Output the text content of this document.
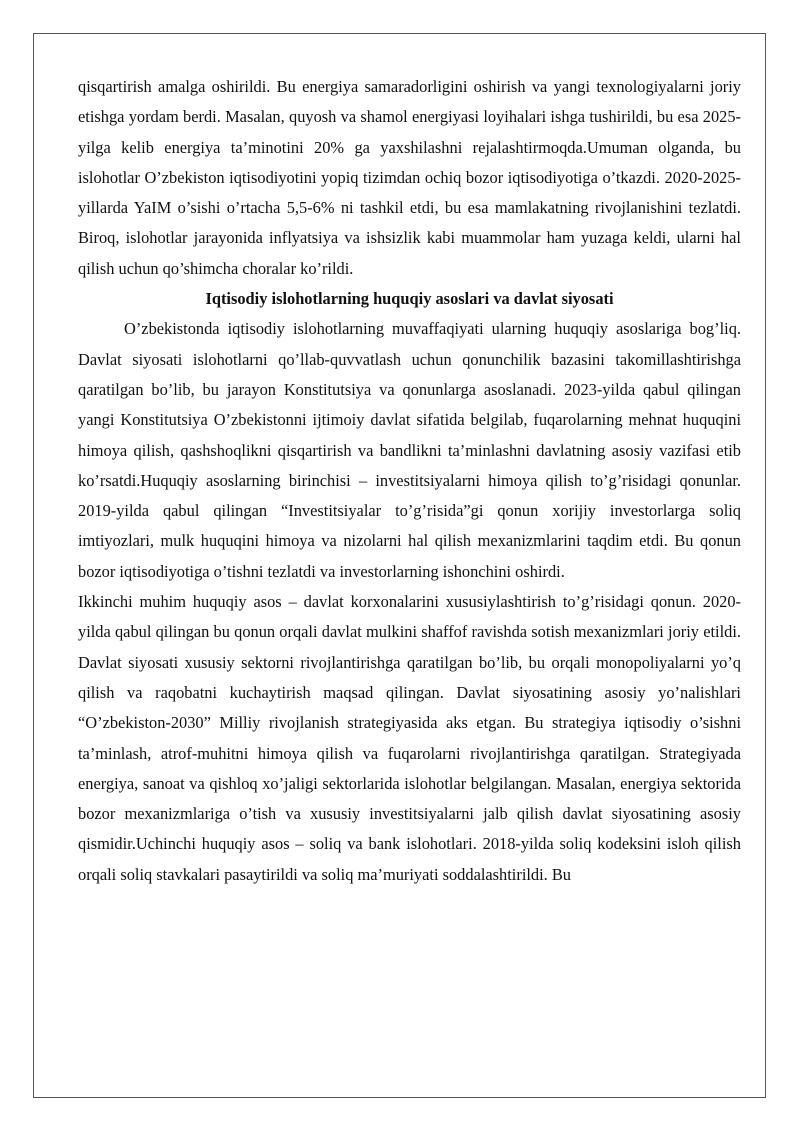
qisqartirish amalga oshirildi. Bu energiya samaradorligini oshirish va yangi texnologiyalarni joriy etishga yordam berdi. Masalan, quyosh va shamol energiyasi loyihalari ishga tushirildi, bu esa 2025-yilga kelib energiya ta’minotini 20% ga yaxshilashni rejalashtirmoqda.Umuman olganda, bu islohotlar O’zbekiston iqtisodiyotini yopiq tizimdan ochiq bozor iqtisodiyotiga o’tkazdi. 2020-2025-yillarda YaIM o’sishi o’rtacha 5,5-6% ni tashkil etdi, bu esa mamlakatning rivojlanishini tezlatdi. Biroq, islohotlar jarayonida inflyatsiya va ishsizlik kabi muammolar ham yuzaga keldi, ularni hal qilish uchun qo’shimcha choralar ko’rildi.

Iqtisodiy islohotlarning huquqiy asoslari va davlat siyosati

O’zbekistonda iqtisodiy islohotlarning muvaffaqiyati ularning huquqiy asoslariga bog’liq. Davlat siyosati islohotlarni qo’llab-quvvatlash uchun qonunchilik bazasini takomillashtirishga qaratilgan bo’lib, bu jarayon Konstitutsiya va qonunlarga asoslanadi. 2023-yilda qabul qilingan yangi Konstitutsiya O’zbekistonni ijtimoiy davlat sifatida belgilab, fuqarolarning mehnat huquqini himoya qilish, qashshoqlikni qisqartirish va bandlikni ta’minlashni davlatning asosiy vazifasi etib ko’rsatdi.Huquqiy asoslarning birinchisi – investitsiyalarni himoya qilish to’g’risidagi qonunlar. 2019-yilda qabul qilingan “Investitsiyalar to’g’risida”gi qonun xorijiy investorlarga soliq imtiyozlari, mulk huquqini himoya va nizolarni hal qilish mexanizmlarini taqdim etdi. Bu qonun bozor iqtisodiyotiga o’tishni tezlatdi va investorlarning ishonchini oshirdi.

Ikkinchi muhim huquqiy asos – davlat korxonalarini xususiylashtirish to’g’risidagi qonun. 2020-yilda qabul qilingan bu qonun orqali davlat mulkini shaffof ravishda sotish mexanizmlari joriy etildi. Davlat siyosati xususiy sektorni rivojlantirishga qaratilgan bo’lib, bu orqali monopoliyalarni yo’q qilish va raqobatni kuchaytirish maqsad qilingan. Davlat siyosatining asosiy yo’nalishlari “O’zbekiston-2030” Milliy rivojlanish strategiyasida aks etgan. Bu strategiya iqtisodiy o’sishni ta’minlash, atrof-muhitni himoya qilish va fuqarolarni rivojlantirishga qaratilgan. Strategiyada energiya, sanoat va qishloq xo’jaligi sektorlarida islohotlar belgilangan. Masalan, energiya sektorida bozor mexanizmlariga o’tish va xususiy investitsiyalarni jalb qilish davlat siyosatining asosiy qismidir.Uchinchi huquqiy asos – soliq va bank islohotlari. 2018-yilda soliq kodeksini isloh qilish orqali soliq stavkalari pasaytirildi va soliq ma’muriyati soddalashtirildi. Bu
